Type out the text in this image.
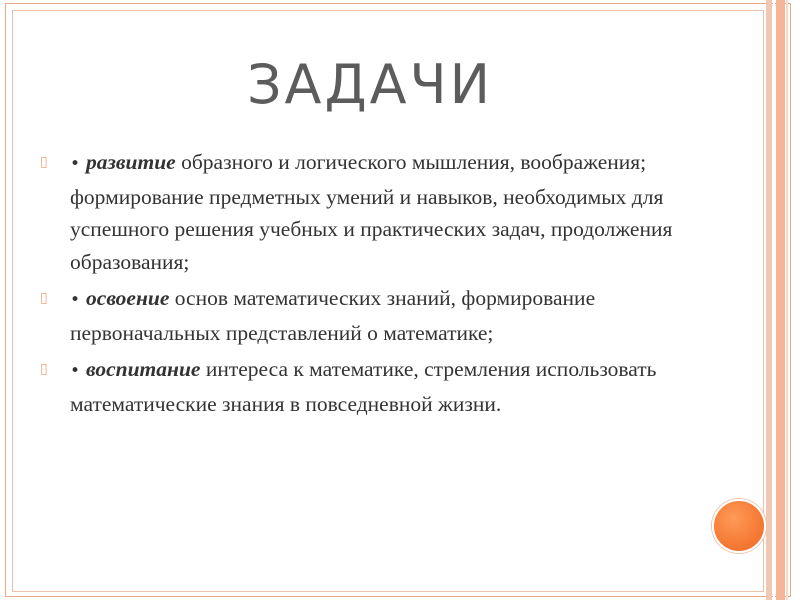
ЗАДАЧИ
▯ • развитие образного и логического мышления, воображения; формирование предметных умений и навыков, необходимых для успешного решения учебных и практических задач, продолжения образования;
▯ • освоение основ математических знаний, формирование первоначальных представлений о математике;
▯ • воспитание интереса к математике, стремления использовать математические знания в повседневной жизни.
